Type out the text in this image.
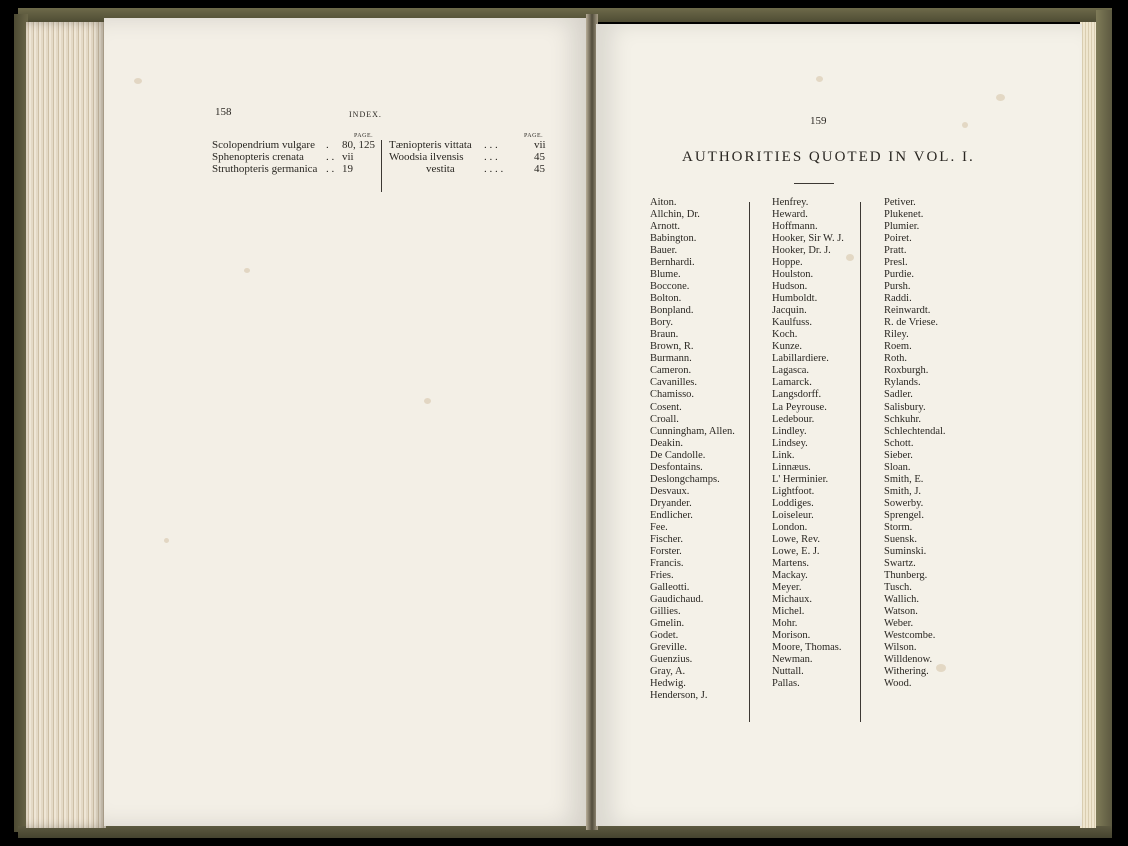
158	INDEX.
PAGE.	PAGE.
Scolopendrium vulgare . 80, 125
Sphenopteris crenata . . vii
Struthopteris germanica . . 19
Tæniopteris vittata . . .	vii
Woodsia ilvensis . . .	45
vestita	. . . .	45
159
AUTHORITIES QUOTED IN VOL. I.
Aiton.
Allchin, Dr.
Arnott.
Babington.
Bauer.
Bernhardi.
Blume.
Boccone.
Bolton.
Bonpland.
Bory.
Braun.
Brown, R.
Burmann.
Cameron.
Cavanilles.
Chamisso.
Cosent.
Croall.
Cunningham, Allen.
Deakin.
De Candolle.
Desfontains.
Deslongchamps.
Desvaux.
Dryander.
Endlicher.
Fee.
Fischer.
Forster.
Francis.
Fries.
Galleotti.
Gaudichaud.
Gillies.
Gmelin.
Godet.
Greville.
Guenzius.
Gray, A.
Hedwig.
Henderson, J.
Henfrey.
Heward.
Hoffmann.
Hooker, Sir W. J.
Hooker, Dr. J.
Hoppe.
Houlston.
Hudson.
Humboldt.
Jacquin.
Kaulfuss.
Koch.
Kunze.
Labillardiere.
Lagasca.
Lamarck.
Langsdorff.
La Peyrouse.
Ledebour.
Lindley.
Lindsey.
Link.
Linnæus.
L' Herminier.
Lightfoot.
Loddiges.
Loiseleur.
London.
Lowe, Rev.
Lowe, E. J.
Martens.
Mackay.
Meyer.
Michaux.
Michel.
Mohr.
Morison.
Moore, Thomas.
Newman.
Nuttall.
Pallas.
Petiver.
Plukenet.
Plumier.
Poiret.
Pratt.
Presl.
Purdie.
Pursh.
Raddi.
Reinwardt.
R. de Vriese.
Riley.
Roem.
Roth.
Roxburgh.
Rylands.
Sadler.
Salisbury.
Schkuhr.
Schlechtendal.
Schott.
Sieber.
Sloan.
Smith, E.
Smith, J.
Sowerby.
Sprengel.
Storm.
Suensk.
Suminski.
Swartz.
Thunberg.
Tusch.
Wallich.
Watson.
Weber.
Westcombe.
Wilson.
Willdenow.
Withering.
Wood.
